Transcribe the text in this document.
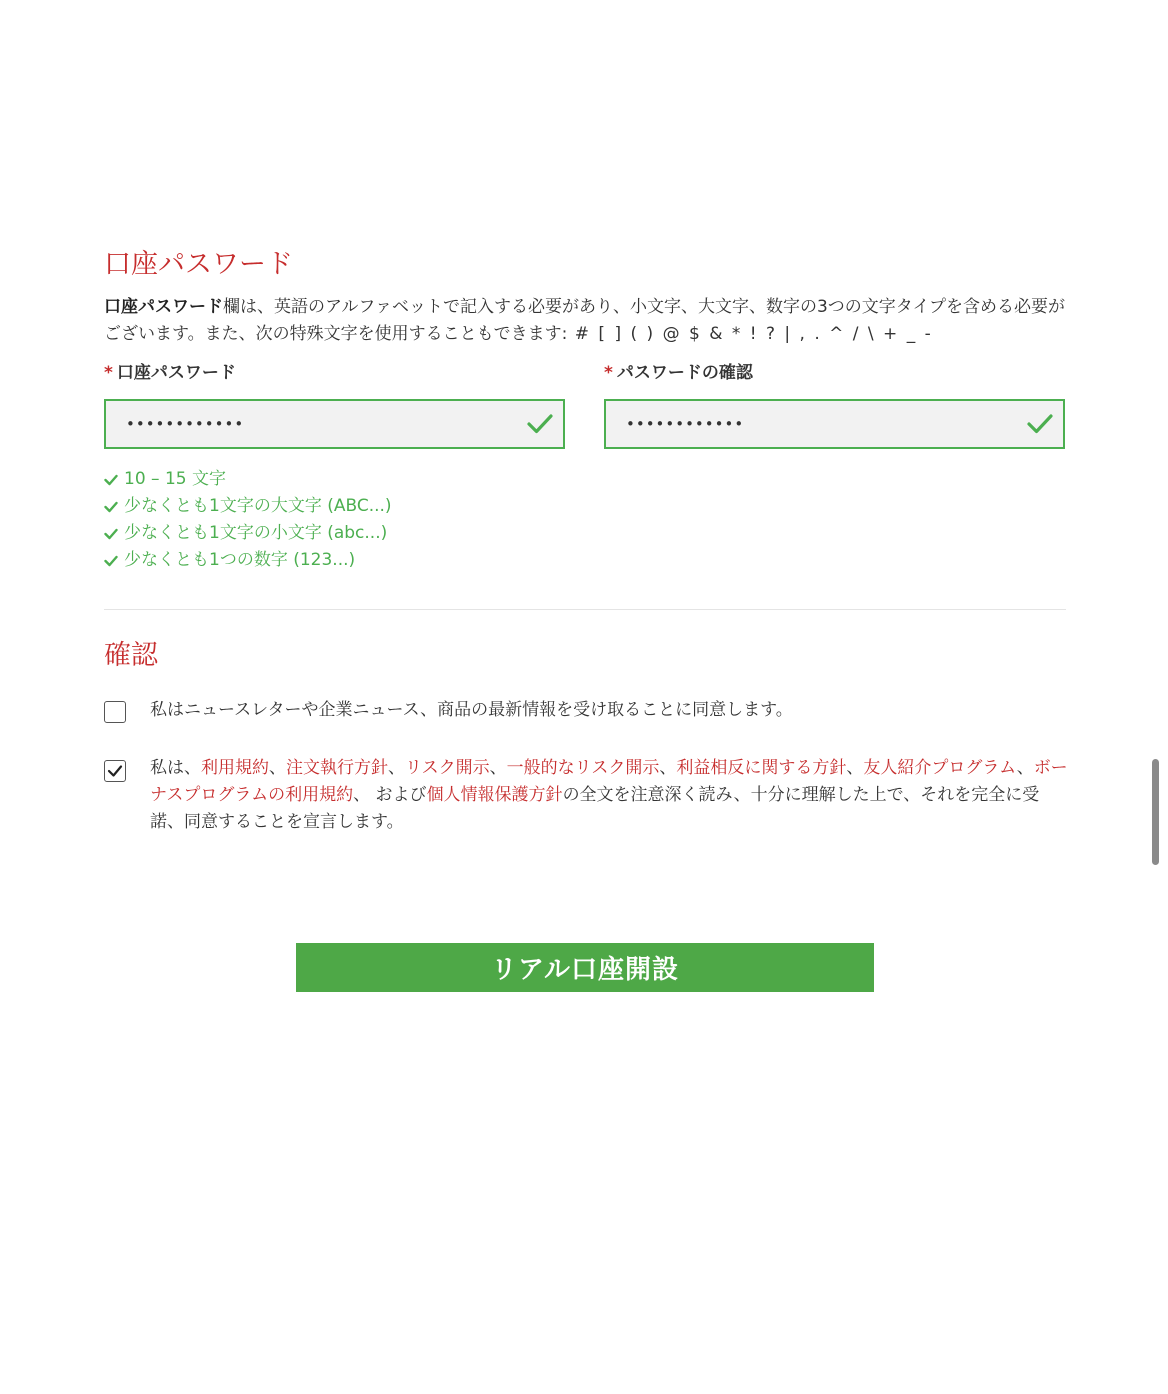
口座パスワード

口座パスワード欄は、英語のアルファベットで記入する必要があり、小文字、大文字、数字の3つの文字タイプを含める必要がございます。また、次の特殊文字を使用することもできます: # [ ] ( ) @ $ & * ! ? | , . ^ / \ + _ -

* 口座パスワード	* パスワードの確認
••••••••••••	••••••••••••
10 – 15 文字
少なくとも1文字の大文字 (ABC...)
少なくとも1文字の小文字 (abc...)
少なくとも1つの数字 (123...)
確認

私はニュースレターや企業ニュース、商品の最新情報を受け取ることに同意します。

私は、利用規約、注文執行方針、リスク開示、一般的なリスク開示、利益相反に関する方針、友人紹介プログラム、ボーナスプログラムの利用規約、 および個人情報保護方針の全文を注意深く読み、十分に理解した上で、それを完全に受諾、同意することを宣言します。

リアル口座開設
